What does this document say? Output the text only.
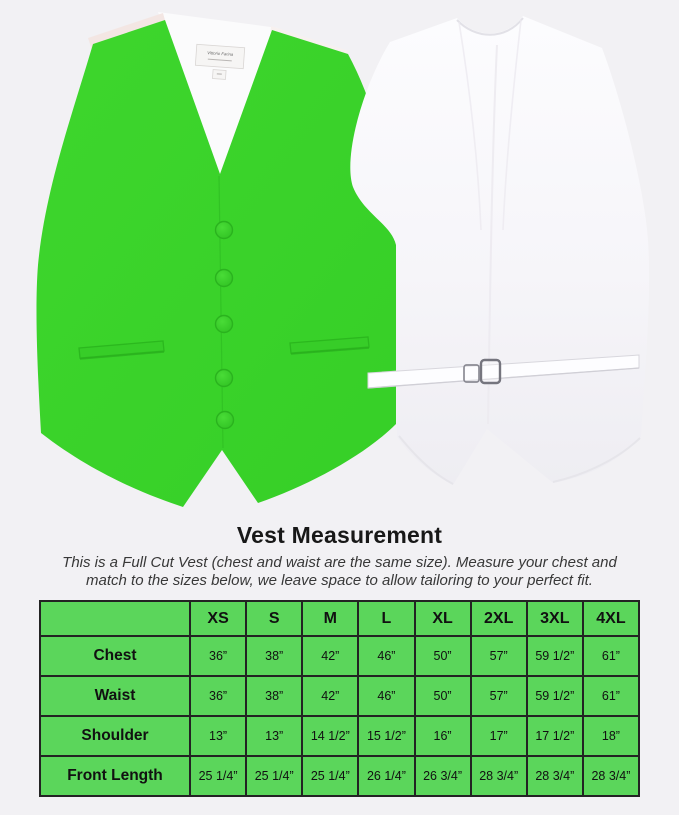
Vittorio Farina
Vest Measurement
This is a Full Cut Vest (chest and waist are the same size). Measure your chest and
match to the sizes below, we leave space to allow tailoring to your perfect fit.
	XS	S	M	L	XL	2XL	3XL	4XL
Chest	36”	38”	42”	46”	50”	57”	59 1/2”	61”
Waist	36”	38”	42”	46”	50”	57”	59 1/2”	61”
Shoulder	13”	13”	14 1/2”	15 1/2”	16”	17”	17 1/2”	18”
Front Length	25 1/4”	25 1/4”	25 1/4”	26 1/4”	26 3/4”	28 3/4”	28 3/4”	28 3/4”
